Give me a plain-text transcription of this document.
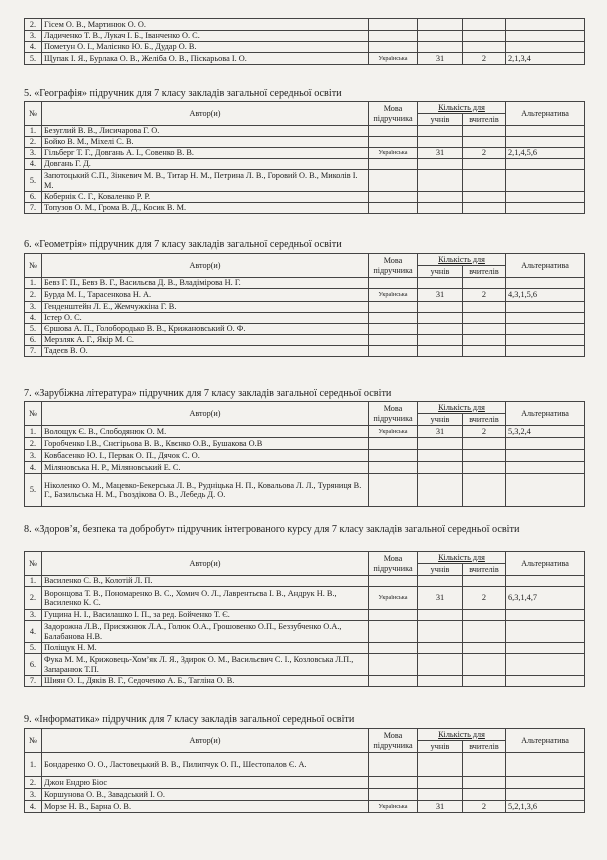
2.	Гісем О. В., Мартинюк О. О.				
3.	Ладиченко Т. В., Лукач І. Б., Іванченко О. С.				
4.	Пометун О. І., Малієнко Ю. Б., Дудар О. В.				
5.	Щупак І. Я., Бурлака О. В., Желіба О. В., Піскарьова І. О.	Українська	31	2	2,1,3,4
5. «Географія» підручник для 7 класу закладів загальної середньої освіти
№	Автор(и)	Мова підручника	Кількість для		Альтернатива
			учнів	вчителів	
1.	Безуглий В. В., Лисичарова Г. О.				
2.	Бойко В. М., Міхелі С. В.				
3.	Гільберг Т. Г., Довгань А. І., Совенко В. В.	Українська	31	2	2,1,4,5,6
4.	Довгань Г. Д.				
5.	Запотоцький С.П., Зінкевич М. В., Титар Н. М., Петрина Л. В., Горовий О. В., Миколів І. М.				
6.	Кобернік С. Г., Коваленко Р. Р.				
7.	Топузов О. М., Грома В. Д., Косик В. М.				
6. «Геометрія» підручник для 7 класу закладів загальної середньої освіти
№	Автор(и)	Мова підручника	Кількість для		Альтернатива
			учнів	вчителів	
1.	Бевз Г. П., Бевз В. Г., Васильєва Д. В., Владімірова Н. Г.				
2.	Бурда М. І., Тарасенкова Н. А.	Українська	31	2	4,3,1,5,6
3.	Генденштейн Л. Е., Жемчужкіна Г. В.				
4.	Істер О. С.				
5.	Єршова А. П., Голобородько В. В., Крижановський О. Ф.				
6.	Мерзляк А. Г., Якір М. С.				
7.	Тадеєв В. О.				
7. «Зарубіжна література» підручник для 7 класу закладів загальної середньої освіти
№	Автор(и)	Мова підручника	Кількість для		Альтернатива
			учнів	вчителів	
1.	Волощук Є. В., Слободянюк О. М.	Українська	31	2	5,3,2,4
2.	Горобченко І.В., Снєгірьова В. В., Квєнко О.В., Бушакова О.В				
3.	Ковбасенко Ю. І., Первак О. П., Дячок С. О.				
4.	Міляновська Н. Р., Міляновський Е. С.				
5.	Ніколенко О. М., Мацевко-Бекерська Л. В., Рудніцька Н. П., Ковальова Л. Л., Туряниця В. Г., Базильська Н. М., Гвоздікова О. В., Лебедь Д. О.				
8. «Здоров’я, безпека та добробут» підручник інтегрованого курсу для 7 класу закладів загальної середньої освіти
№	Автор(и)	Мова підручника	Кількість для		Альтернатива
			учнів	вчителів	
1.	Василенко С. В., Колотій Л. П.				
2.	Воронцова Т. В., Пономаренко В. С., Хомич О. Л., Лаврентьєва І. В., Андрук Н. В., Василенко К. С.	Українська	31	2	6,3,1,4,7
3.	Гущина Н. І., Василашко І. П., за ред. Бойченко Т. Є.				
4.	Задорожна Л.В., Присяжнюк Л.А., Голюк О.А., Грошовенко О.П., Беззубченко О.А., Балабанова Н.В.				
5.	Поліщук Н. М.				
6.	Фука М. М., Крижовець-Хом’як Л. Я., Здирок О. М., Васильєвич С. І., Козловська Л.П., Запаранюк Т.П.				
7.	Шиян О. І., Дяків В. Г., Седоченко А. Б., Тагліна О. В.				
9. «Інформатика» підручник для 7 класу закладів загальної середньої освіти
№	Автор(и)	Мова підручника	Кількість для		Альтернатива
			учнів	вчителів	
1.	Бондаренко О. О., Ластовецький В. В., Пилипчук О. П., Шестопалов Є. А.				
2.	Джон Ендрю Біос				
3.	Коршунова О. В., Завадський І. О.				
4.	Морзе Н. В., Барна О. В.	Українська	31	2	5,2,1,3,6
